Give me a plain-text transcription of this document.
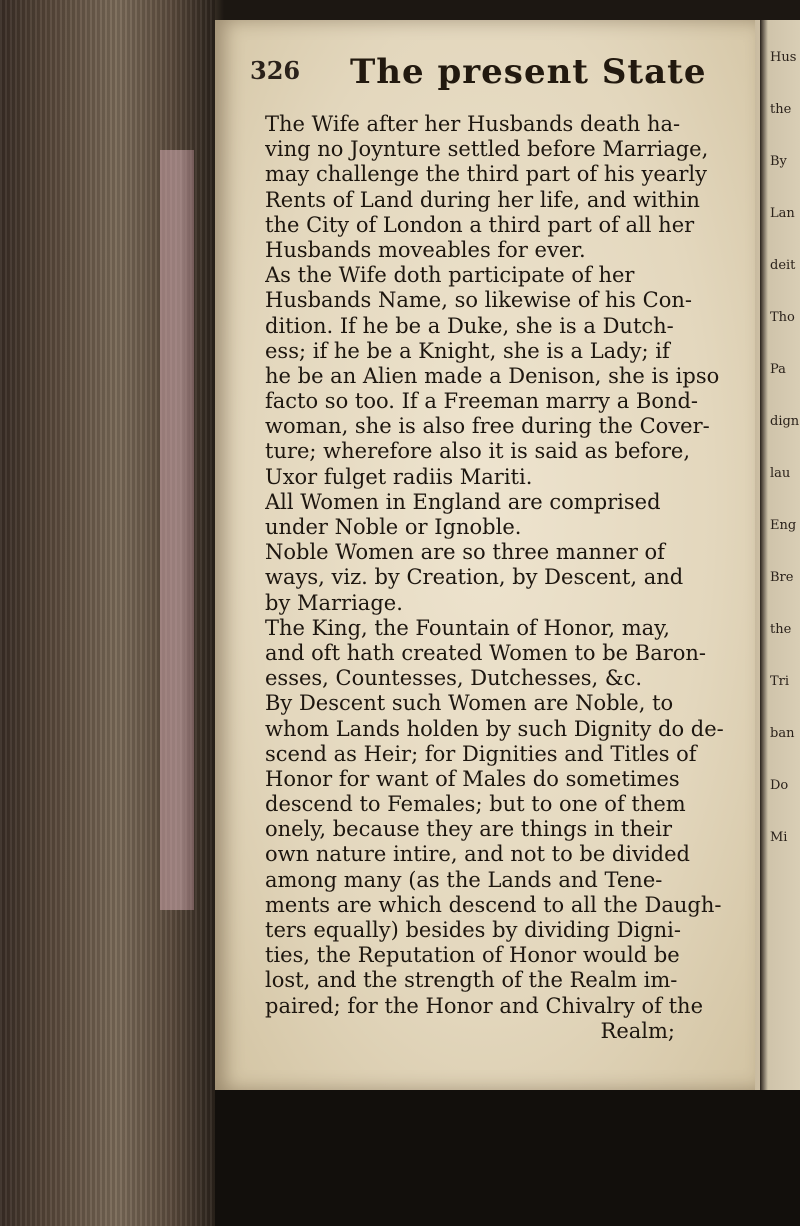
326 The present State
The Wife after her Husbands death ha-
ving no Joynture settled before Marriage,
may challenge the third part of his yearly
Rents of Land during her life, and within
the City of London a third part of all her
Husbands moveables for ever.
As the Wife doth participate of her
Husbands Name, so likewise of his Con-
dition. If he be a Duke, she is a Dutch-
ess; if he be a Knight, she is a Lady; if
he be an Alien made a Denison, she is ipso
facto so too. If a Freeman marry a Bond-
woman, she is also free during the Cover-
ture; wherefore also it is said as before,
Uxor fulget radiis Mariti.
All Women in England are comprised
under Noble or Ignoble.
Noble Women are so three manner of
ways, viz. by Creation, by Descent, and
by Marriage.
The King, the Fountain of Honor, may,
and oft hath created Women to be Baron-
esses, Countesses, Dutchesses, &c.
By Descent such Women are Noble, to
whom Lands holden by such Dignity do de-
scend as Heir; for Dignities and Titles of
Honor for want of Males do sometimes
descend to Females; but to one of them
onely, because they are things in their
own nature intire, and not to be divided
among many (as the Lands and Tene-
ments are which descend to all the Daugh-
ters equally) besides by dividing Digni-
ties, the Reputation of Honor would be
lost, and the strength of the Realm im-
paired; for the Honor and Chivalry of the
Realm;
Hus
the
By
Lan
deit
Tho
Pa
dign
lau
Eng
Bre
the
Tri
ban
Do
Mi
